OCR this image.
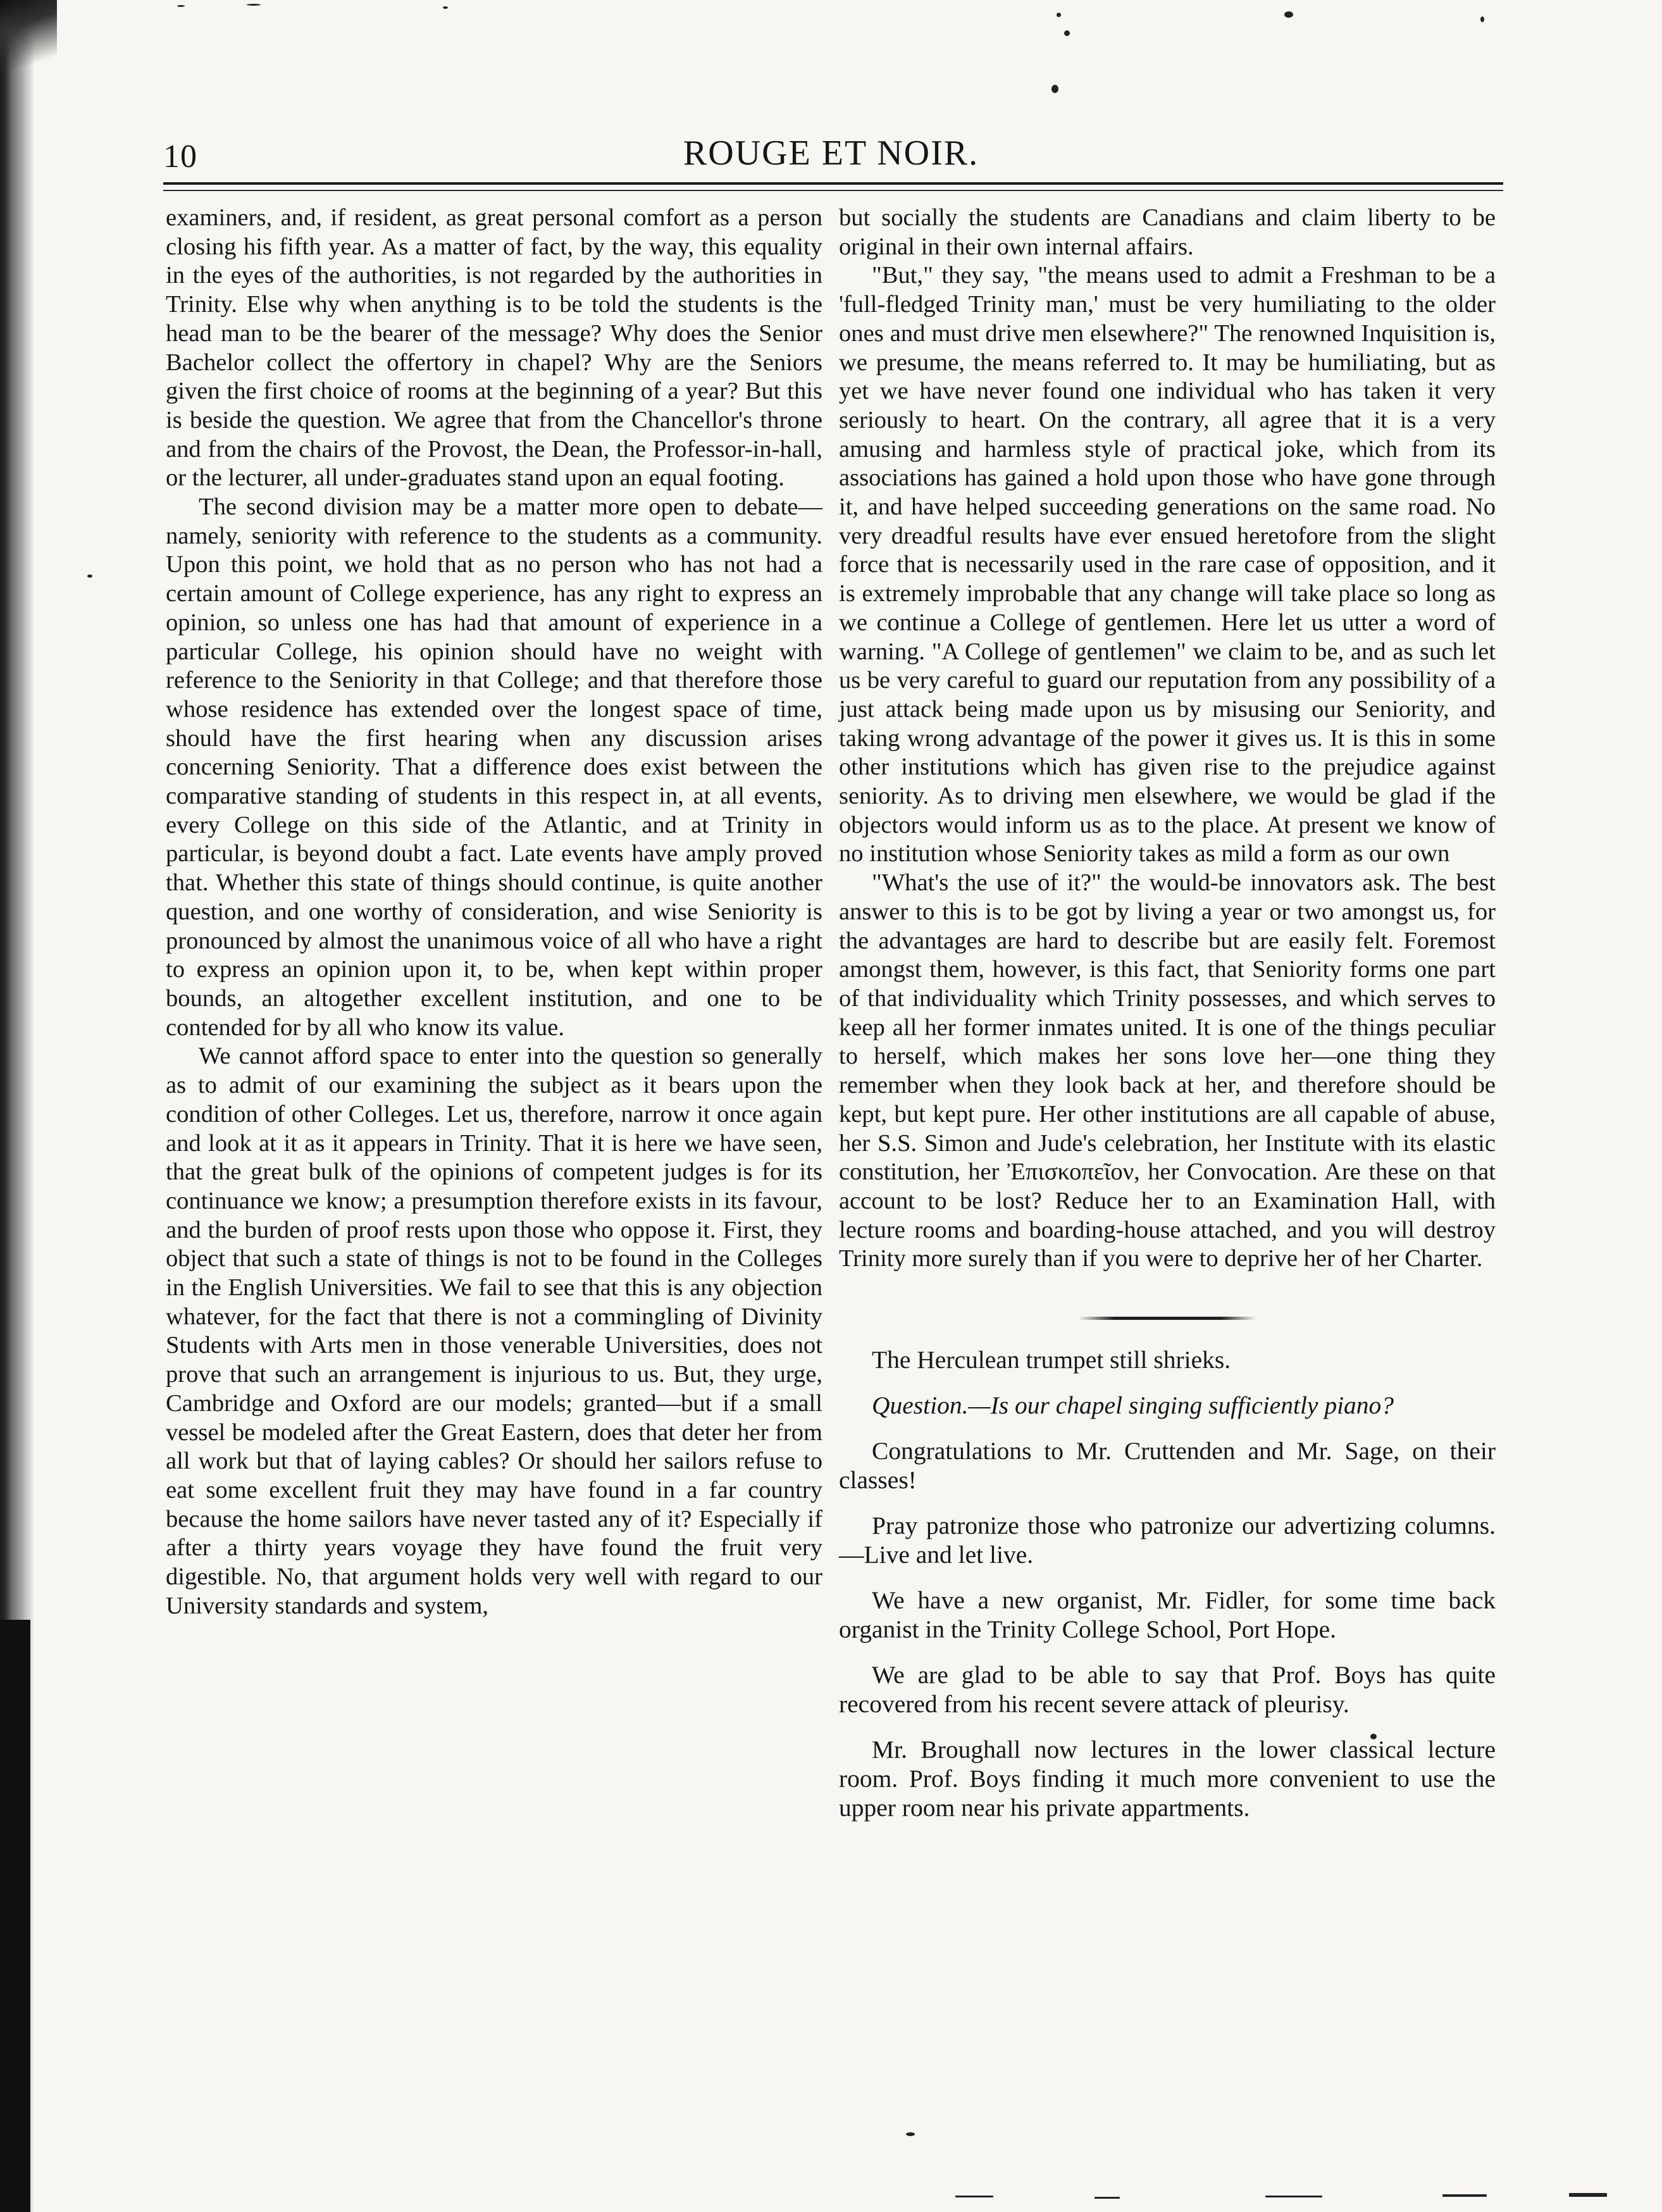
10	ROUGE ET NOIR.

examiners, and, if resident, as great personal comfort as a person closing his fifth year. As a matter of fact, by the way, this equality in the eyes of the authorities, is not regarded by the authorities in Trinity. Else why when anything is to be told the students is the head man to be the bearer of the message? Why does the Senior Bachelor collect the offertory in chapel? Why are the Seniors given the first choice of rooms at the beginning of a year? But this is beside the question. We agree that from the Chancellor's throne and from the chairs of the Provost, the Dean, the Professor-in-hall, or the lecturer, all under-graduates stand upon an equal footing.

The second division may be a matter more open to debate—namely, seniority with reference to the students as a community. Upon this point, we hold that as no person who has not had a certain amount of College experience, has any right to express an opinion, so unless one has had that amount of experience in a particular College, his opinion should have no weight with reference to the Seniority in that College; and that therefore those whose residence has extended over the longest space of time, should have the first hearing when any discussion arises concerning Seniority. That a difference does exist between the comparative standing of students in this respect in, at all events, every College on this side of the Atlantic, and at Trinity in particular, is beyond doubt a fact. Late events have amply proved that. Whether this state of things should continue, is quite another question, and one worthy of consideration, and wise Seniority is pronounced by almost the unanimous voice of all who have a right to express an opinion upon it, to be, when kept within proper bounds, an altogether excellent institution, and one to be contended for by all who know its value.

We cannot afford space to enter into the question so generally as to admit of our examining the subject as it bears upon the condition of other Colleges. Let us, therefore, narrow it once again and look at it as it appears in Trinity. That it is here we have seen, that the great bulk of the opinions of competent judges is for its continuance we know; a presumption therefore exists in its favour, and the burden of proof rests upon those who oppose it. First, they object that such a state of things is not to be found in the Colleges in the English Universities. We fail to see that this is any objection whatever, for the fact that there is not a commingling of Divinity Students with Arts men in those venerable Universities, does not prove that such an arrangement is injurious to us. But, they urge, Cambridge and Oxford are our models; granted—but if a small vessel be modeled after the Great Eastern, does that deter her from all work but that of laying cables? Or should her sailors refuse to eat some excellent fruit they may have found in a far country because the home sailors have never tasted any of it? Especially if after a thirty years voyage they have found the fruit very digestible. No, that argument holds very well with regard to our University standards and system,

but socially the students are Canadians and claim liberty to be original in their own internal affairs.

"But," they say, "the means used to admit a Freshman to be a 'full-fledged Trinity man,' must be very humiliating to the older ones and must drive men elsewhere?" The renowned Inquisition is, we presume, the means referred to. It may be humiliating, but as yet we have never found one individual who has taken it very seriously to heart. On the contrary, all agree that it is a very amusing and harmless style of practical joke, which from its associations has gained a hold upon those who have gone through it, and have helped succeeding generations on the same road. No very dreadful results have ever ensued heretofore from the slight force that is necessarily used in the rare case of opposition, and it is extremely improbable that any change will take place so long as we continue a College of gentlemen. Here let us utter a word of warning. "A College of gentlemen" we claim to be, and as such let us be very careful to guard our reputation from any possibility of a just attack being made upon us by misusing our Seniority, and taking wrong advantage of the power it gives us. It is this in some other institutions which has given rise to the prejudice against seniority. As to driving men elsewhere, we would be glad if the objectors would inform us as to the place. At present we know of no institution whose Seniority takes as mild a form as our own

"What's the use of it?" the would-be innovators ask. The best answer to this is to be got by living a year or two amongst us, for the advantages are hard to describe but are easily felt. Foremost amongst them, however, is this fact, that Seniority forms one part of that individuality which Trinity possesses, and which serves to keep all her former inmates united. It is one of the things peculiar to herself, which makes her sons love her—one thing they remember when they look back at her, and therefore should be kept, but kept pure. Her other institutions are all capable of abuse, her S.S. Simon and Jude's celebration, her Institute with its elastic constitution, her Ἐπισκοπεῖον, her Convocation. Are these on that account to be lost? Reduce her to an Examination Hall, with lecture rooms and boarding-house attached, and you will destroy Trinity more surely than if you were to deprive her of her Charter.

The Herculean trumpet still shrieks.

Question.—Is our chapel singing sufficiently piano?

Congratulations to Mr. Cruttenden and Mr. Sage, on their classes!

Pray patronize those who patronize our advertizing columns.—Live and let live.

We have a new organist, Mr. Fidler, for some time back organist in the Trinity College School, Port Hope.

We are glad to be able to say that Prof. Boys has quite recovered from his recent severe attack of pleurisy.

Mr. Broughall now lectures in the lower classical lecture room. Prof. Boys finding it much more convenient to use the upper room near his private appartments.
